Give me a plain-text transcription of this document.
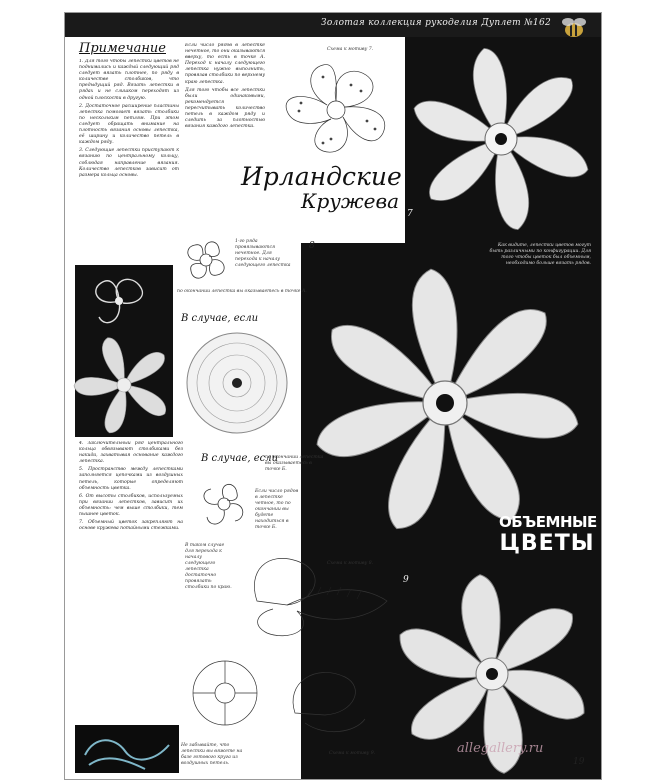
Золотая коллекция рукоделия Дуплет №162
Примечание

1. Для того чтобы лепестки цветов не поднимались и каждый следующий ряд следует вязать плотнее, по ряду в количестве столбиков, что предыдущий ряд. Вязать лепестки в рядах и не слишком переходят из одной плоскости в другую.

2. Достаточное расширение пластины лепестка помогает вязать столбики по нескольким петлям. При этом следует обращать внимание на плотность вязания основы лепестка, её ширину и количество петель в каждом ряду.

3. Следующие лепестки приступают к вязанию по центральному кольцу, соблюдая направление вязания. Количество лепестков зависит от размера кольца основы.

Если число рядов в лепестке нечетное, то они оказываются вверху, то есть в точке А. Переход к началу следующего лепестка нужно выполнить, провязав столбики по верхнему краю лепестка.

Для того чтобы все лепестки были одинаковыми, рекомендуется пересчитывать количество петель в каждом ряду и следить за плотностью вязания каждого лепестка.

Схема к мотиву 7.
Ирландские
Кружева
7
1-го ряда провязываются нечетное. Для перехода к началу следующего лепестка
по окончании лепестка вы оказываетесь в точке А.
8
В случае, если

4. Заключительный ряд центрального кольца обвязывают столбиками без накида, захватывая основание каждого лепестка.

5. Пространство между лепестками заполняется цепочками из воздушных петель, которые определяют объемность цветка.

6. От высоты столбиков, используемых при вязании лепестков, зависит их объемность: чем выше столбики, тем пышнее цветок.

7. Объемный цветок закрепляют на основе кружева потайными стежками.

В случае, если
по окончании лепестка вы оказываетесь в точке Б.
Если число рядов в лепестке четное, то по окончании вы будете находиться в точке Б.
В таком случае для перехода к началу следующего лепестка достаточно провязать столбики по краю.
Схема к мотиву 8.
Не забывайте, что лепестки вы вяжете на базе готового круга из воздушных петель.
Схема к мотиву 9.
Как видите, лепестки цветов могут быть различными по конфигурации. Для того чтобы цветок был объемным, необходимо больше вязать рядов.
ОБЪЕМНЫЕ
ЦВЕТЫ
9
allegallery.ru
19
